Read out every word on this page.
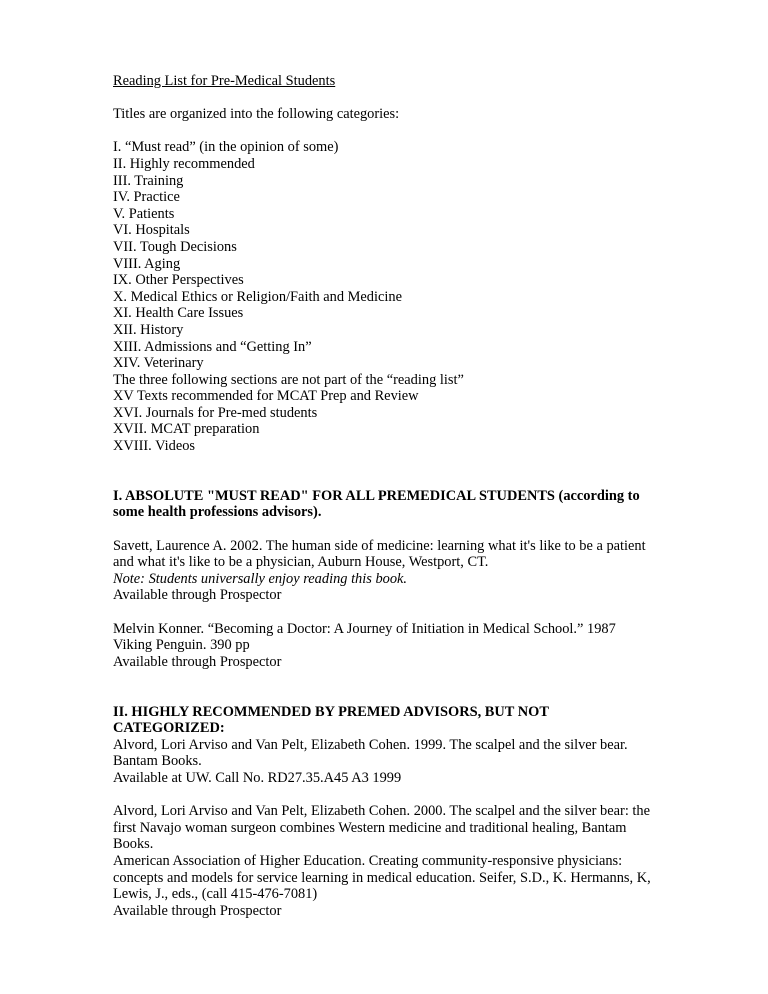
Reading List for Pre-Medical Students

Titles are organized into the following categories:

I. “Must read” (in the opinion of some)
II. Highly recommended
III. Training
IV. Practice
V. Patients
VI. Hospitals
VII. Tough Decisions
VIII. Aging
IX. Other Perspectives
X. Medical Ethics or Religion/Faith and Medicine
XI. Health Care Issues
XII. History
XIII. Admissions and “Getting In”
XIV. Veterinary
The three following sections are not part of the “reading list”
XV Texts recommended for MCAT Prep and Review
XVI. Journals for Pre-med students
XVII. MCAT preparation
XVIII. Videos

I. ABSOLUTE "MUST READ" FOR ALL PREMEDICAL STUDENTS (according to some health professions advisors).

Savett, Laurence A. 2002. The human side of medicine: learning what it's like to be a patient and what it's like to be a physician, Auburn House, Westport, CT.

Note: Students universally enjoy reading this book.

Available through Prospector

Melvin Konner. “Becoming a Doctor: A Journey of Initiation in Medical School.” 1987 Viking Penguin. 390 pp

Available through Prospector

II. HIGHLY RECOMMENDED BY PREMED ADVISORS, BUT NOT CATEGORIZED:

Alvord, Lori Arviso and Van Pelt, Elizabeth Cohen. 1999. The scalpel and the silver bear. Bantam Books.

Available at UW. Call No. RD27.35.A45 A3 1999

Alvord, Lori Arviso and Van Pelt, Elizabeth Cohen. 2000. The scalpel and the silver bear: the first Navajo woman surgeon combines Western medicine and traditional healing, Bantam Books.

American Association of Higher Education. Creating community-responsive physicians: concepts and models for service learning in medical education. Seifer, S.D., K. Hermanns, K, Lewis, J., eds., (call 415-476-7081)

Available through Prospector
